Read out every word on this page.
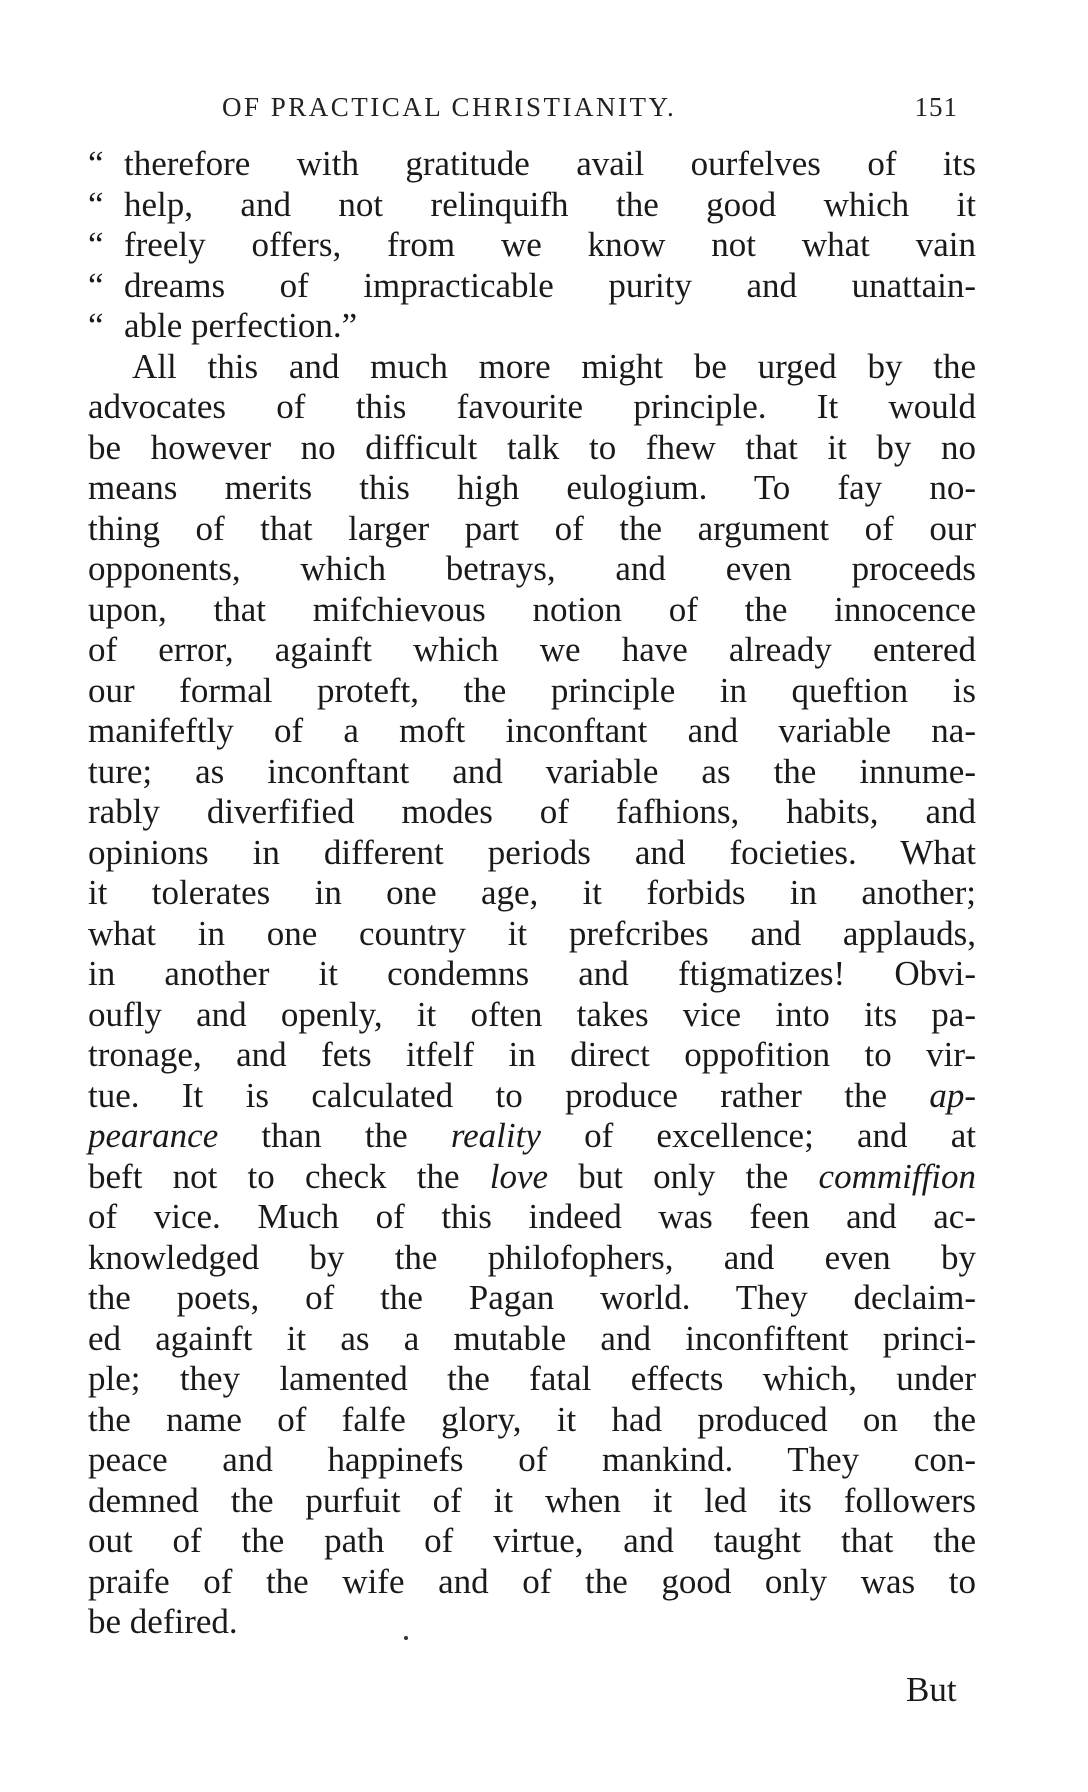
OF PRACTICAL CHRISTIANITY.	151
“ therefore with gratitude avail ourfelves of its
“ help, and not relinquifh the good which it
“ freely offers, from we know not what vain
“ dreams of impracticable purity and unattain-
“ able perfection.”
All this and much more might be urged by the
advocates of this favourite principle. It would
be however no difficult talk to fhew that it by no
means merits this high eulogium. To fay no-
thing of that larger part of the argument of our
opponents, which betrays, and even proceeds
upon, that mifchievous notion of the innocence
of error, againft which we have already entered
our formal proteft, the principle in queftion is
manifeftly of a moft inconftant and variable na-
ture; as inconftant and variable as the innume-
rably diverfified modes of fafhions, habits, and
opinions in different periods and focieties. What
it tolerates in one age, it forbids in another;
what in one country it prefcribes and applauds,
in another it condemns and ftigmatizes! Obvi-
oufly and openly, it often takes vice into its pa-
tronage, and fets itfelf in direct oppofition to vir-
tue. It is calculated to produce rather the ap-
pearance than the reality of excellence; and at
beft not to check the love but only the commiffion
of vice. Much of this indeed was feen and ac-
knowledged by the philofophers, and even by
the poets, of the Pagan world. They declaim-
ed againft it as a mutable and inconfiftent princi-
ple; they lamented the fatal effects which, under
the name of falfe glory, it had produced on the
peace and happinefs of mankind. They con-
demned the purfuit of it when it led its followers
out of the path of virtue, and taught that the
praife of the wife and of the good only was to
be defired.
But
